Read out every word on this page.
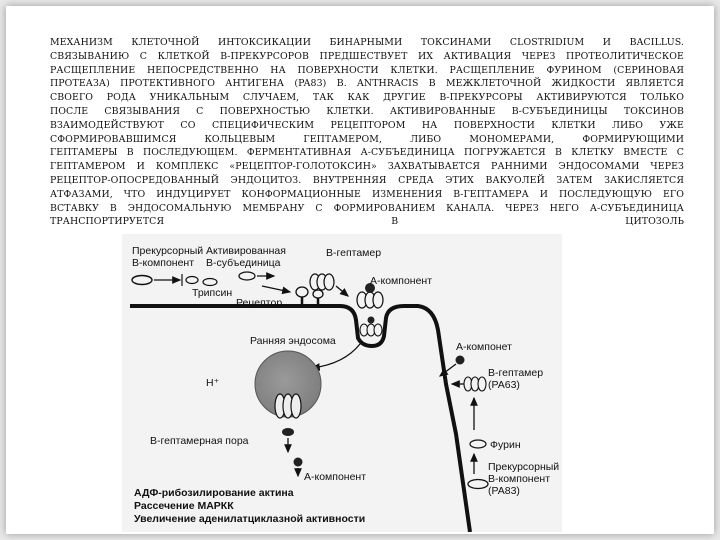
МЕХАНИЗМ КЛЕТОЧНОЙ ИНТОКСИКАЦИИ БИНАРНЫМИ ТОКСИНАМИ CLOSTRIDIUM И BACILLUS.
СВЯЗЫВАНИЮ С КЛЕТКОЙ В-ПРЕКУРСОРОВ ПРЕДШЕСТВУЕТ ИХ АКТИВАЦИЯ ЧЕРЕЗ ПРОТЕОЛИТИЧЕСКОЕ
РАСЩЕПЛЕНИЕ НЕПОСРЕДСТВЕННО НА ПОВЕРХНОСТИ КЛЕТКИ. РАСЩЕПЛЕНИЕ ФУРИНОМ (СЕРИНОВАЯ
ПРОТЕАЗА) ПРОТЕКТИВНОГО АНТИГЕНА (PA83) B. ANTHRACIS В МЕЖКЛЕТОЧНОЙ ЖИДКОСТИ ЯВЛЯЕТСЯ
СВОЕГО РОДА УНИКАЛЬНЫМ СЛУЧАЕМ, ТАК КАК ДРУГИЕ В-ПРЕКУРСОРЫ АКТИВИРУЮТСЯ ТОЛЬКО
ПОСЛЕ СВЯЗЫВАНИЯ С ПОВЕРХНОСТЬЮ КЛЕТКИ. АКТИВИРОВАННЫЕ В-СУБЪЕДИНИЦЫ ТОКСИНОВ
ВЗАИМОДЕЙСТВУЮТ СО СПЕЦИФИЧЕСКИМ РЕЦЕПТОРОМ НА ПОВЕРХНОСТИ КЛЕТКИ ЛИБО УЖЕ
СФОРМИРОВАВШИМСЯ КОЛЬЦЕВЫМ ГЕПТАМЕРОМ, ЛИБО МОНОМЕРАМИ, ФОРМИРУЮЩИМИ
ГЕПТАМЕРЫ В ПОСЛЕДУЮЩЕМ. ФЕРМЕНТАТИВНАЯ А-СУБЪЕДИНИЦА ПОГРУЖАЕТСЯ В КЛЕТКУ ВМЕСТЕ С
ГЕПТАМЕРОМ И КОМПЛЕКС «РЕЦЕПТОР-ГОЛОТОКСИН» ЗАХВАТЫВАЕТСЯ РАННИМИ ЭНДОСОМАМИ ЧЕРЕЗ
РЕЦЕПТОР-ОПОСРЕДОВАННЫЙ ЭНДОЦИТОЗ. ВНУТРЕННЯЯ СРЕДА ЭТИХ ВАКУОЛЕЙ ЗАТЕМ ЗАКИСЛЯЕТСЯ
АТФАЗАМИ, ЧТО ИНДУЦИРУЕТ КОНФОРМАЦИОННЫЕ ИЗМЕНЕНИЯ В-ГЕПТАМЕРА И ПОСЛЕДУЮЩУЮ ЕГО
ВСТАВКУ В ЭНДОСОМАЛЬНУЮ МЕМБРАНУ С ФОРМИРОВАНИЕМ КАНАЛА. ЧЕРЕЗ НЕГО А-СУБЪЕДИНИЦА
ТРАНСПОРТИРУЕТСЯ В ЦИТОЗОЛЬ
Прекурсорный
В-компонент
Активированная
В-субъединица
В-гептамер
А-компонент
Трипсин
Рецептор
Ранняя эндосома
H⁺
В-гептамерная пора
А-компонент
А-компонет
В-гептамер
(PA63)
Фурин
Прекурсорный
В-компонент
(PA83)
АДФ-рибозилирование актина
Рассечение МАРКК
Увеличение аденилатциклазной активности
